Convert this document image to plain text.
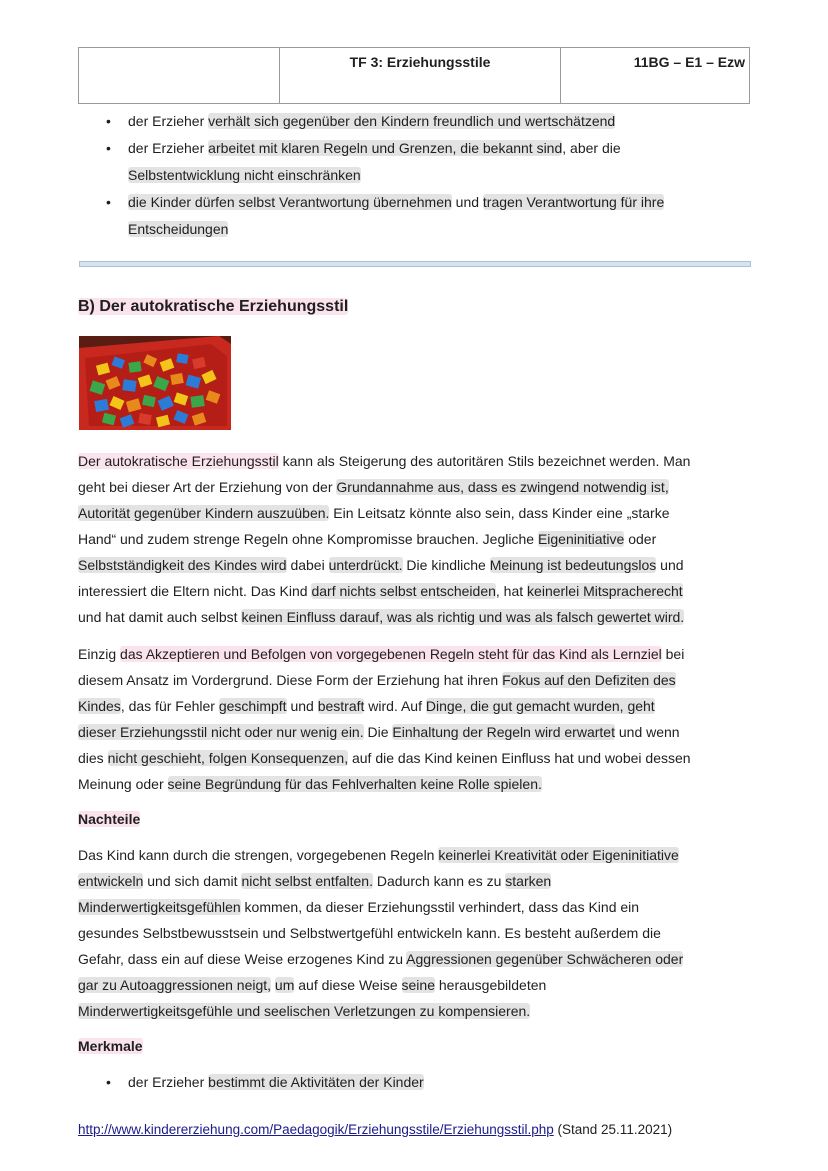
	TF 3: Erziehungsstile	11BG – E1 – Ezw
• der Erzieher verhält sich gegenüber den Kindern freundlich und wertschätzend
• der Erzieher arbeitet mit klaren Regeln und Grenzen, die bekannt sind, aber die
Selbstentwicklung nicht einschränken
• die Kinder dürfen selbst Verantwortung übernehmen und tragen Verantwortung für ihre
Entscheidungen
B) Der autokratische Erziehungsstil

Der autokratische Erziehungsstil kann als Steigerung des autoritären Stils bezeichnet werden. Man
geht bei dieser Art der Erziehung von der Grundannahme aus, dass es zwingend notwendig ist,
Autorität gegenüber Kindern auszuüben. Ein Leitsatz könnte also sein, dass Kinder eine „starke
Hand“ und zudem strenge Regeln ohne Kompromisse brauchen. Jegliche Eigeninitiative oder
Selbstständigkeit des Kindes wird dabei unterdrückt. Die kindliche Meinung ist bedeutungslos und
interessiert die Eltern nicht. Das Kind darf nichts selbst entscheiden, hat keinerlei Mitspracherecht
und hat damit auch selbst keinen Einfluss darauf, was als richtig und was als falsch gewertet wird.

Einzig das Akzeptieren und Befolgen von vorgegebenen Regeln steht für das Kind als Lernziel bei
diesem Ansatz im Vordergrund. Diese Form der Erziehung hat ihren Fokus auf den Defiziten des
Kindes, das für Fehler geschimpft und bestraft wird. Auf Dinge, die gut gemacht wurden, geht
dieser Erziehungsstil nicht oder nur wenig ein. Die Einhaltung der Regeln wird erwartet und wenn
dies nicht geschieht, folgen Konsequenzen, auf die das Kind keinen Einfluss hat und wobei dessen
Meinung oder seine Begründung für das Fehlverhalten keine Rolle spielen.

Nachteile

Das Kind kann durch die strengen, vorgegebenen Regeln keinerlei Kreativität oder Eigeninitiative
entwickeln und sich damit nicht selbst entfalten. Dadurch kann es zu starken
Minderwertigkeitsgefühlen kommen, da dieser Erziehungsstil verhindert, dass das Kind ein
gesundes Selbstbewusstsein und Selbstwertgefühl entwickeln kann. Es besteht außerdem die
Gefahr, dass ein auf diese Weise erzogenes Kind zu Aggressionen gegenüber Schwächeren oder
gar zu Autoaggressionen neigt, um auf diese Weise seine herausgebildeten
Minderwertigkeitsgefühle und seelischen Verletzungen zu kompensieren.

Merkmale
• der Erzieher bestimmt die Aktivitäten der Kinder
http://www.kindererziehung.com/Paedagogik/Erziehungsstile/Erziehungsstil.php (Stand 25.11.2021)
